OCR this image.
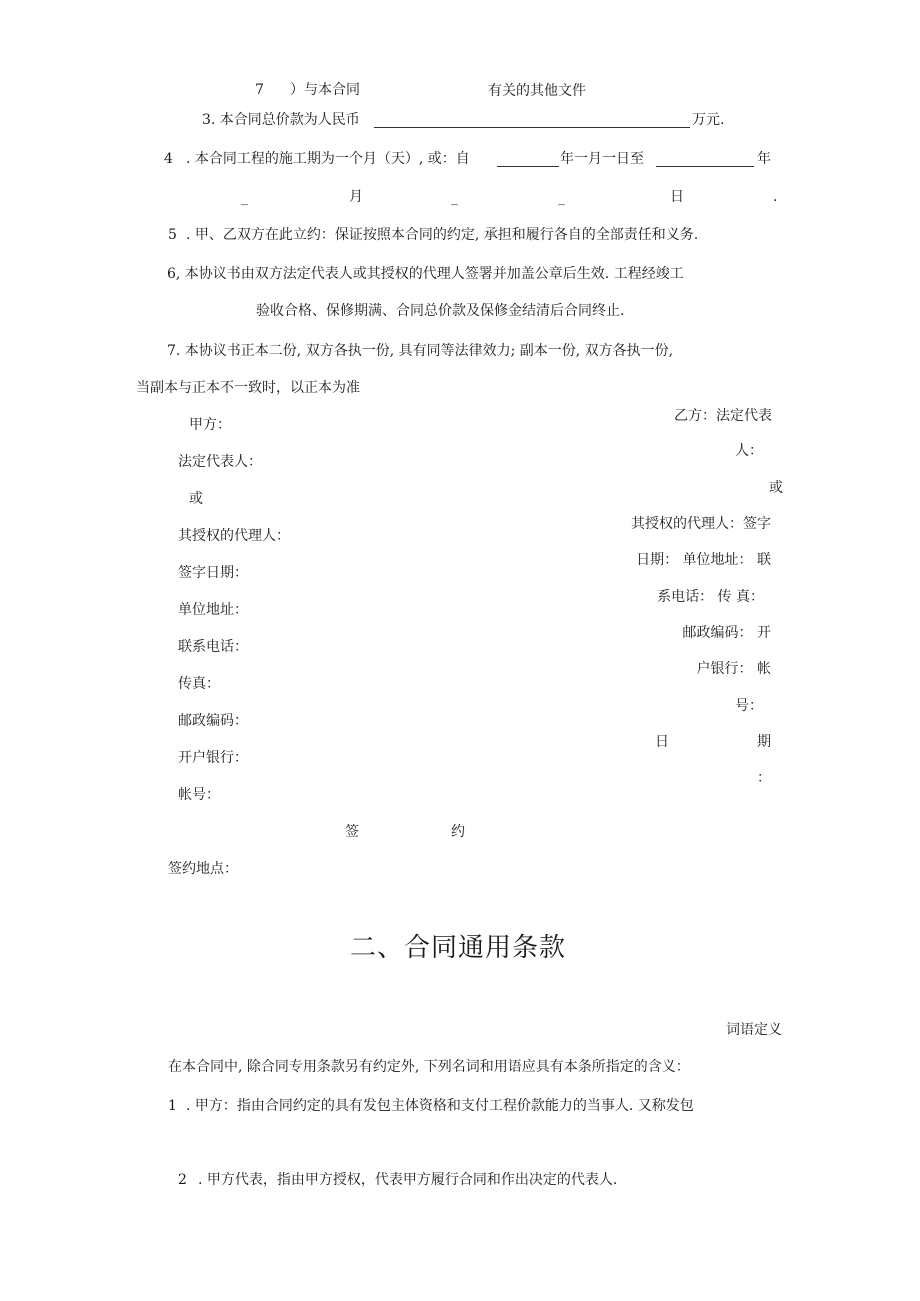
7 ）与本合同	有关的其他文件
3. 本合同总价款为人民币	万元.
4 . 本合同工程的施工期为一个月（天）, 或：自	年一月一日至	年
_	月	_	_	日	.
5 . 甲、乙双方在此立约：保证按照本合同的约定, 承担和履行各自的全部责任和义务.
6, 本协议书由双方法定代表人或其授权的代理人签署并加盖公章后生效. 工程经竣工
验收合格、保修期满、合同总价款及保修金结清后合同终止.
7. 本协议书正本二份, 双方各执一份, 具有同等法律效力; 副本一份, 双方各执一份,
当副本与正本不一致时，以正本为准
甲方：
法定代表人：
或
其授权的代理人：
签字日期：
单位地址：
联系电话：
传真：
邮政编码：
开户银行：
帐号：
乙方：法定代表
人：
或
其授权的代理人：签字
日期： 单位地址： 联
系电话： 传 真：
邮政编码： 开
户银行： 帐
号：
日	期
：
签	约
签约地点：
二、合同通用条款
词语定义
在本合同中, 除合同专用条款另有约定外, 下列名词和用语应具有本条所指定的含义：
1 . 甲方：指由合同约定的具有发包主体资格和支付工程价款能力的当事人. 又称发包
2 . 甲方代表，指由甲方授权，代表甲方履行合同和作出决定的代表人.
